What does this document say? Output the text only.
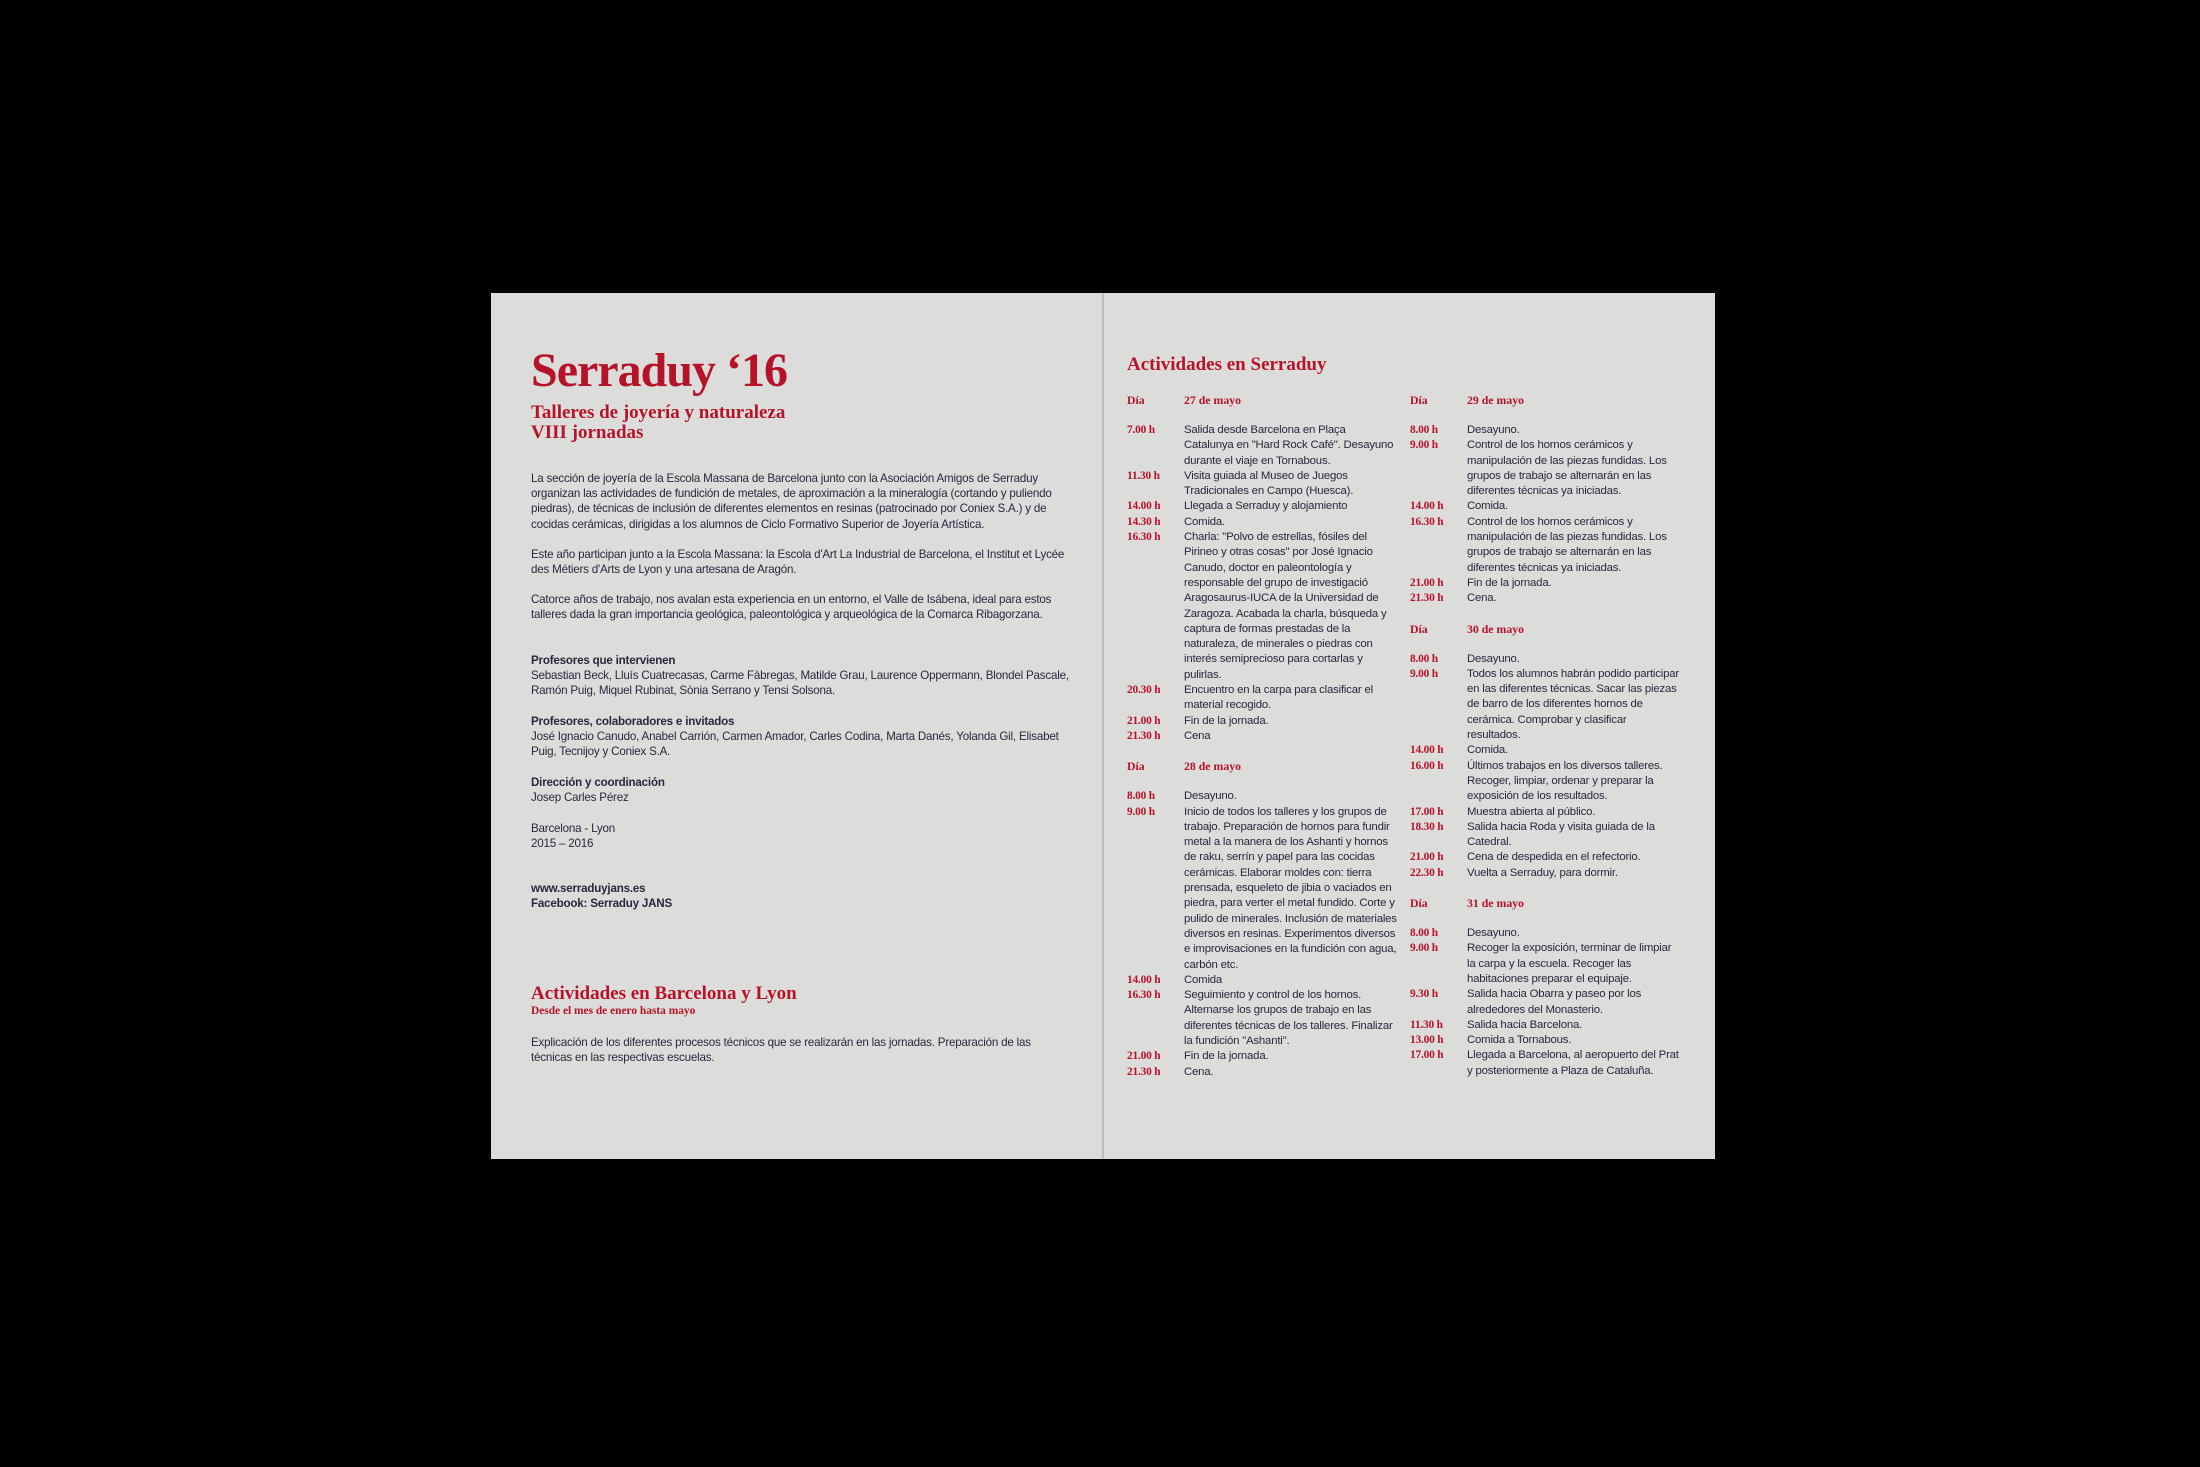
Serraduy ‘16
Talleres de joyería y naturaleza
VIII jornadas
La sección de joyería de la Escola Massana de Barcelona junto con la Asociación Amigos de Serraduy organizan las actividades de fundición de metales, de aproximación a la mineralogía (cortando y puliendo piedras), de técnicas de inclusión de diferentes elementos en resinas (patrocinado por Coniex S.A.) y de cocidas cerámicas, dirigidas a los alumnos de Ciclo Formativo Superior de Joyería Artística.
Este año participan junto a la Escola Massana: la Escola d'Art La Industrial de Barcelona, el Institut et Lycée des Métiers d'Arts de Lyon y una artesana de Aragón.
Catorce años de trabajo, nos avalan esta experiencia en un entorno, el Valle de Isábena, ideal para estos talleres dada la gran importancia geológica, paleontológica y arqueológica de la Comarca Ribagorzana.
Profesores que intervienen
Sebastian Beck, Lluís Cuatrecasas, Carme Fàbregas, Matilde Grau, Laurence Oppermann, Blondel Pascale, Ramón Puig, Miquel Rubinat, Sònia Serrano y Tensi Solsona.
Profesores, colaboradores e invitados
José Ignacio Canudo, Anabel Carrión, Carmen Amador, Carles Codina, Marta Danés, Yolanda Gil, Elisabet Puig, Tecnijoy y Coniex S.A.
Dirección y coordinación
Josep Carles Pérez
Barcelona - Lyon
2015 – 2016
www.serraduyjans.es
Facebook: Serraduy JANS
Actividades en Barcelona y Lyon
Desde el mes de enero hasta mayo
Explicación de los diferentes procesos técnicos que se realizarán en las jornadas. Preparación de las técnicas en las respectivas escuelas.
Actividades en Serraduy
Día	27 de mayo
7.00 h	Salida desde Barcelona en Plaça Catalunya en "Hard Rock Café". Desayuno durante el viaje en Tornabous.
11.30 h	Visita guiada al Museo de Juegos Tradicionales en Campo (Huesca).
14.00 h	Llegada a Serraduy y alojamiento
14.30 h	Comida.
16.30 h	Charla: "Polvo de estrellas, fósiles del Pirineo y otras cosas" por José Ignacio Canudo, doctor en paleontología y responsable del grupo de investigació Aragosaurus-IUCA de la Universidad de Zaragoza. Acabada la charla, búsqueda y captura de formas prestadas de la naturaleza, de minerales o piedras con interés semiprecioso para cortarlas y pulirlas.
20.30 h	Encuentro en la carpa para clasificar el material recogido.
21.00 h	Fin de la jornada.
21.30 h	Cena
Día	28 de mayo
8.00 h	Desayuno.
9.00 h	Inicio de todos los talleres y los grupos de trabajo. Preparación de hornos para fundir metal a la manera de los Ashanti y hornos de raku, serrín y papel para las cocidas cerámicas. Elaborar moldes con: tierra prensada, esqueleto de jibia o vaciados en piedra, para verter el metal fundido. Corte y pulido de minerales. Inclusión de materiales diversos en resinas. Experimentos diversos e improvisaciones en la fundición con agua, carbón etc.
14.00 h	Comida
16.30 h	Seguimiento y control de los hornos. Alternarse los grupos de trabajo en las diferentes técnicas de los talleres. Finalizar la fundición "Ashanti".
21.00 h	Fin de la jornada.
21.30 h	Cena.
Día	29 de mayo
8.00 h	Desayuno.
9.00 h	Control de los hornos cerámicos y manipulación de las piezas fundidas. Los grupos de trabajo se alternarán en las diferentes técnicas ya iniciadas.
14.00 h	Comida.
16.30 h	Control de los hornos cerámicos y manipulación de las piezas fundidas. Los grupos de trabajo se alternarán en las diferentes técnicas ya iniciadas.
21.00 h	Fin de la jornada.
21.30 h	Cena.
Día	30 de mayo
8.00 h	Desayuno.
9.00 h	Todos los alumnos habrán podido participar en las diferentes técnicas. Sacar las piezas de barro de los diferentes hornos de cerámica. Comprobar y clasificar resultados.
14.00 h	Comida.
16.00 h	Últimos trabajos en los diversos talleres. Recoger, limpiar, ordenar y preparar la exposición de los resultados.
17.00 h	Muestra abierta al público.
18.30 h	Salida hacia Roda y visita guiada de la Catedral.
21.00 h	Cena de despedida en el refectorio.
22.30 h	Vuelta a Serraduy, para dormir.
Día	31 de mayo
8.00 h	Desayuno.
9.00 h	Recoger la exposición, terminar de limpiar la carpa y la escuela. Recoger las habitaciones preparar el equipaje.
9.30 h	Salida hacia Obarra y paseo por los alrededores del Monasterio.
11.30 h	Salida hacia Barcelona.
13.00 h	Comida a Tornabous.
17.00 h	Llegada a Barcelona, al aeropuerto del Prat y posteriormente a Plaza de Cataluña.
